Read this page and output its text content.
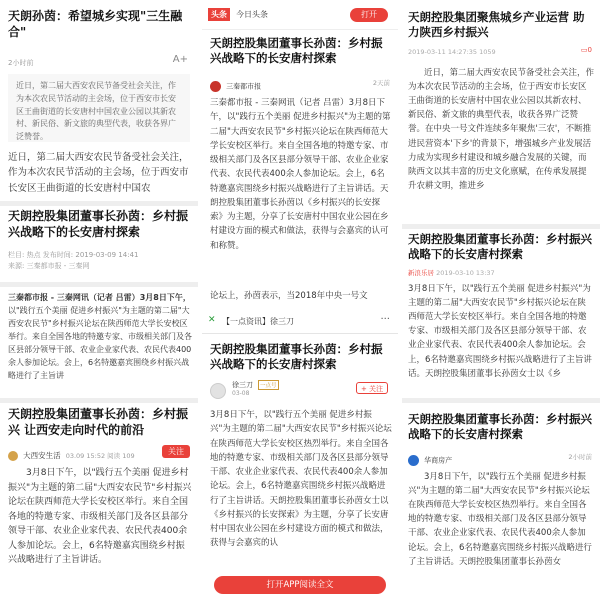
天朗孙茵：希望城乡实现"三生融合"
2小时前	A+
近日，第二届大西安农民节备受社会关注，作为本次农民节活动的主会场，位于西安市长安区王曲街道的长安唐村中国农业公园以其新农村、新民俗、新文旅的典型代表，收获各界广泛赞誉。
近日，第二届大西安农民节备受社会关注，作为本次农民节活动的主会场，位于西安市长安区王曲街道的长安唐村中国农
天朗控股集团董事长孙茵：乡村振兴战略下的长安唐村探索
栏目: 热点 发布时间: 2019-03-09 14:41
来源: 三秦都市报 - 三秦网
三秦都市报 - 三秦网讯（记者 吕雷）3月8日下午，以"践行五个美丽 促进乡村振兴"为主题的第二届"大西安农民节"乡村振兴论坛在陕西师范大学长安校区举行。来自全国各地的特邀专家、市级相关部门及各区县部分领导干部、农业企业家代表、农民代表400余人参加论坛。会上，6名特邀嘉宾围绕乡村振兴战略进行了主旨讲
天朗控股集团董事长孙茵：乡村振兴 让西安走向时代的前沿
大西安生活 03.09 15:52 阅读 109	关注
3月8日下午，以"践行五个美丽 促进乡村振兴"为主题的第二届"大西安农民节"乡村振兴论坛在陕西师范大学长安校区举行。来自全国各地的特邀专家、市级相关部门及各区县部分领导干部、农业企业家代表、农民代表400余人参加论坛。会上，6名特邀嘉宾围绕乡村振兴战略进行了主旨讲话。
头条	今日头条	打开
天朗控股集团董事长孙茵：乡村振兴战略下的长安唐村探索
三秦都市报	2天前
三秦都市报 - 三秦网讯（记者 吕雷）3月8日下午，以"践行五个美丽 促进乡村振兴"为主题的第二届"大西安农民节"乡村振兴论坛在陕西师范大学长安校区举行。来自全国各地的特邀专家、市级相关部门及各区县部分领导干部、农业企业家代表、农民代表400余人参加论坛。会上，6名特邀嘉宾围绕乡村振兴战略进行了主旨讲话。天朗控股集团董事长孙茵以《乡村振兴的长安探索》为主题，分享了长安唐村中国农业公园在乡村建设方面的模式和做法，获得与会嘉宾的认可和称赞。
论坛上，孙茵表示，当2018年中央一号文
✕ 【一点资讯】徐三刀	···
天朗控股集团董事长孙茵：乡村振兴战略下的长安唐村探索
徐三刀	一点号
03-08
+ 关注
3月8日下午，以"践行五个美丽 促进乡村振兴"为主题的第二届"大西安农民节"乡村振兴论坛在陕西师范大学长安校区热烈举行。来自全国各地的特邀专家、市级相关部门及各区县部分领导干部、农业企业家代表、农民代表400余人参加论坛。会上，6名特邀嘉宾围绕乡村振兴战略进行了主旨讲话。天朗控股集团董事长孙茵女士以《乡村振兴的长安探索》为主题，分享了长安唐村中国农业公园在乡村建设方面的模式和做法，获得与会嘉宾的认
打开APP阅读全文
天朗控股集团聚焦城乡产业运营 助力陕西乡村振兴
2019-03-11 14:27:35 1059	▭0
近日，第二届大西安农民节备受社会关注，作为本次农民节活动的主会场，位于西安市长安区王曲街道的长安唐村中国农业公园以其新农村、新民俗、新文旅的典型代表，收获各界广泛赞誉。在中央一号文件连续多年聚焦'三农'，不断推进民营资本'下乡'的背景下，增强城乡产业发展活力成为实现乡村建设和城乡融合发展的关键，而陕西文以其丰富的历史文化禀赋，在传承发展提升农耕文明，推进乡
天朗控股集团董事长孙茵：乡村振兴战略下的长安唐村探索
新浪乐居 2019-03-10 13:37
3月8日下午，以"践行五个美丽 促进乡村振兴"为主题的第二届"大西安农民节"乡村振兴论坛在陕西师范大学长安校区举行。来自全国各地的特邀专家、市级相关部门及各区县部分领导干部、农业企业家代表、农民代表400余人参加论坛。会上，6名特邀嘉宾围绕乡村振兴战略进行了主旨讲话。天朗控股集团董事长孙茵女士以《乡
天朗控股集团董事长孙茵：乡村振兴战略下的长安唐村探索
华商房产	2小时前
3月8日下午，以"践行五个美丽 促进乡村振兴"为主题的第二届"大西安农民节"乡村振兴论坛在陕西师范大学长安校区热烈举行。来自全国各地的特邀专家、市级相关部门及各区县部分领导干部、农业企业家代表、农民代表400余人参加论坛。会上，6名特邀嘉宾围绕乡村振兴战略进行了主旨讲话。天朗控股集团董事长孙茵女
